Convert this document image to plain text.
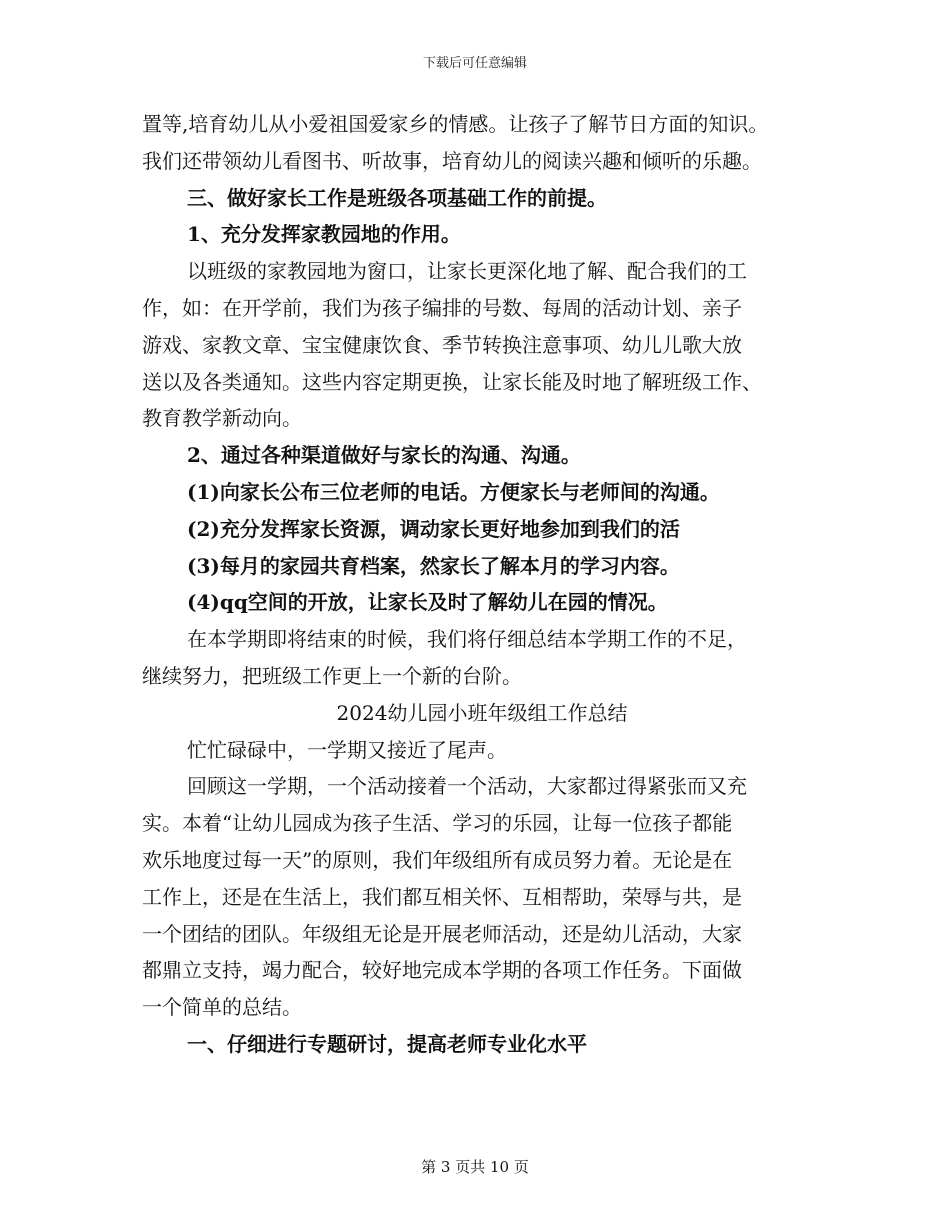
下载后可任意编辑
置等,培育幼儿从小爱祖国爱家乡的情感。让孩子了解节日方面的知识。
我们还带领幼儿看图书、听故事，培育幼儿的阅读兴趣和倾听的乐趣。
三、做好家长工作是班级各项基础工作的前提。
1、充分发挥家教园地的作用。
以班级的家教园地为窗口，让家长更深化地了解、配合我们的工
作，如：在开学前，我们为孩子编排的号数、每周的活动计划、亲子
游戏、家教文章、宝宝健康饮食、季节转换注意事项、幼儿儿歌大放
送以及各类通知。这些内容定期更换，让家长能及时地了解班级工作、
教育教学新动向。
2、通过各种渠道做好与家长的沟通、沟通。
(1)向家长公布三位老师的电话。方便家长与老师间的沟通。
(2)充分发挥家长资源，调动家长更好地参加到我们的活
(3)每月的家园共育档案，然家长了解本月的学习内容。
(4)qq空间的开放，让家长及时了解幼儿在园的情况。
在本学期即将结束的时候，我们将仔细总结本学期工作的不足，
继续努力，把班级工作更上一个新的台阶。
2024幼儿园小班年级组工作总结
忙忙碌碌中，一学期又接近了尾声。
回顾这一学期，一个活动接着一个活动，大家都过得紧张而又充
实。本着“让幼儿园成为孩子生活、学习的乐园，让每一位孩子都能
欢乐地度过每一天”的原则，我们年级组所有成员努力着。无论是在
工作上，还是在生活上，我们都互相关怀、互相帮助，荣辱与共，是
一个团结的团队。年级组无论是开展老师活动，还是幼儿活动，大家
都鼎立支持，竭力配合，较好地完成本学期的各项工作任务。下面做
一个简单的总结。
一、仔细进行专题研讨，提高老师专业化水平
第 3 页共 10 页
